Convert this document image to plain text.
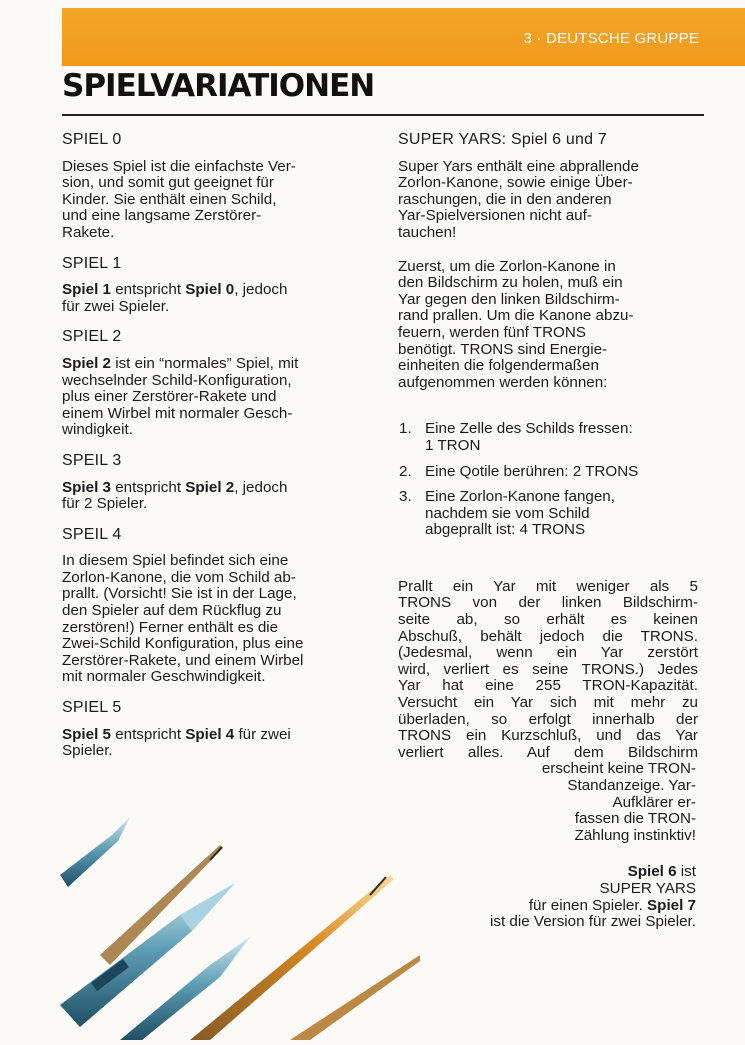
3 · DEUTSCHE GRUPPE
SPIELVARIATIONEN
SPIEL 0

Dieses Spiel ist die einfachste Ver-
sion, und somit gut geeignet für
Kinder. Sie enthält einen Schild,
und eine langsame Zerstörer-
Rakete.

SPIEL 1

Spiel 1 entspricht Spiel 0, jedoch
für zwei Spieler.

SPIEL 2

Spiel 2 ist ein “normales” Spiel, mit
wechselnder Schild-Konfiguration,
plus einer Zerstörer-Rakete und
einem Wirbel mit normaler Gesch-
windigkeit.

SPEIL 3

Spiel 3 entspricht Spiel 2, jedoch
für 2 Spieler.

SPEIL 4

In diesem Spiel befindet sich eine
Zorlon-Kanone, die vom Schild ab-
prallt. (Vorsicht! Sie ist in der Lage,
den Spieler auf dem Rückflug zu
zerstören!) Ferner enthält es die
Zwei-Schild Konfiguration, plus eine
Zerstörer-Rakete, und einem Wirbel
mit normaler Geschwindigkeit.

SPIEL 5

Spiel 5 entspricht Spiel 4 für zwei
Spieler.

SUPER YARS: Spiel 6 und 7

Super Yars enthält eine abprallende
Zorlon-Kanone, sowie einige Über-
raschungen, die in den anderen
Yar-Spielversionen nicht auf-
tauchen!

Zuerst, um die Zorlon-Kanone in
den Bildschirm zu holen, muß ein
Yar gegen den linken Bildschirm-
rand prallen. Um die Kanone abzu-
feuern, werden fünf TRONS
benötigt. TRONS sind Energie-
einheiten die folgendermaßen
aufgenommen werden können:

1. Eine Zelle des Schilds fressen:
1 TRON
2. Eine Qotile berühren: 2 TRONS
3. Eine Zorlon-Kanone fangen,
nachdem sie vom Schild
abgeprallt ist: 4 TRONS
Prallt ein Yar mit weniger als 5
TRONS von der linken Bildschirm-
seite ab, so erhält es keinen
Abschuß, behält jedoch die TRONS.
(Jedesmal, wenn ein Yar zerstört
wird, verliert es seine TRONS.) Jedes
Yar hat eine 255 TRON-Kapazität.
Versucht ein Yar sich mit mehr zu
überladen, so erfolgt innerhalb der
TRONS ein Kurzschluß, und das Yar
verliert alles. Auf dem Bildschirm
erscheint keine TRON-
Standanzeige. Yar-
Aufklärer er-
fassen die TRON-
Zählung instinktiv!
Spiel 6 ist
SUPER YARS
für einen Spieler. Spiel 7
ist die Version für zwei Spieler.
